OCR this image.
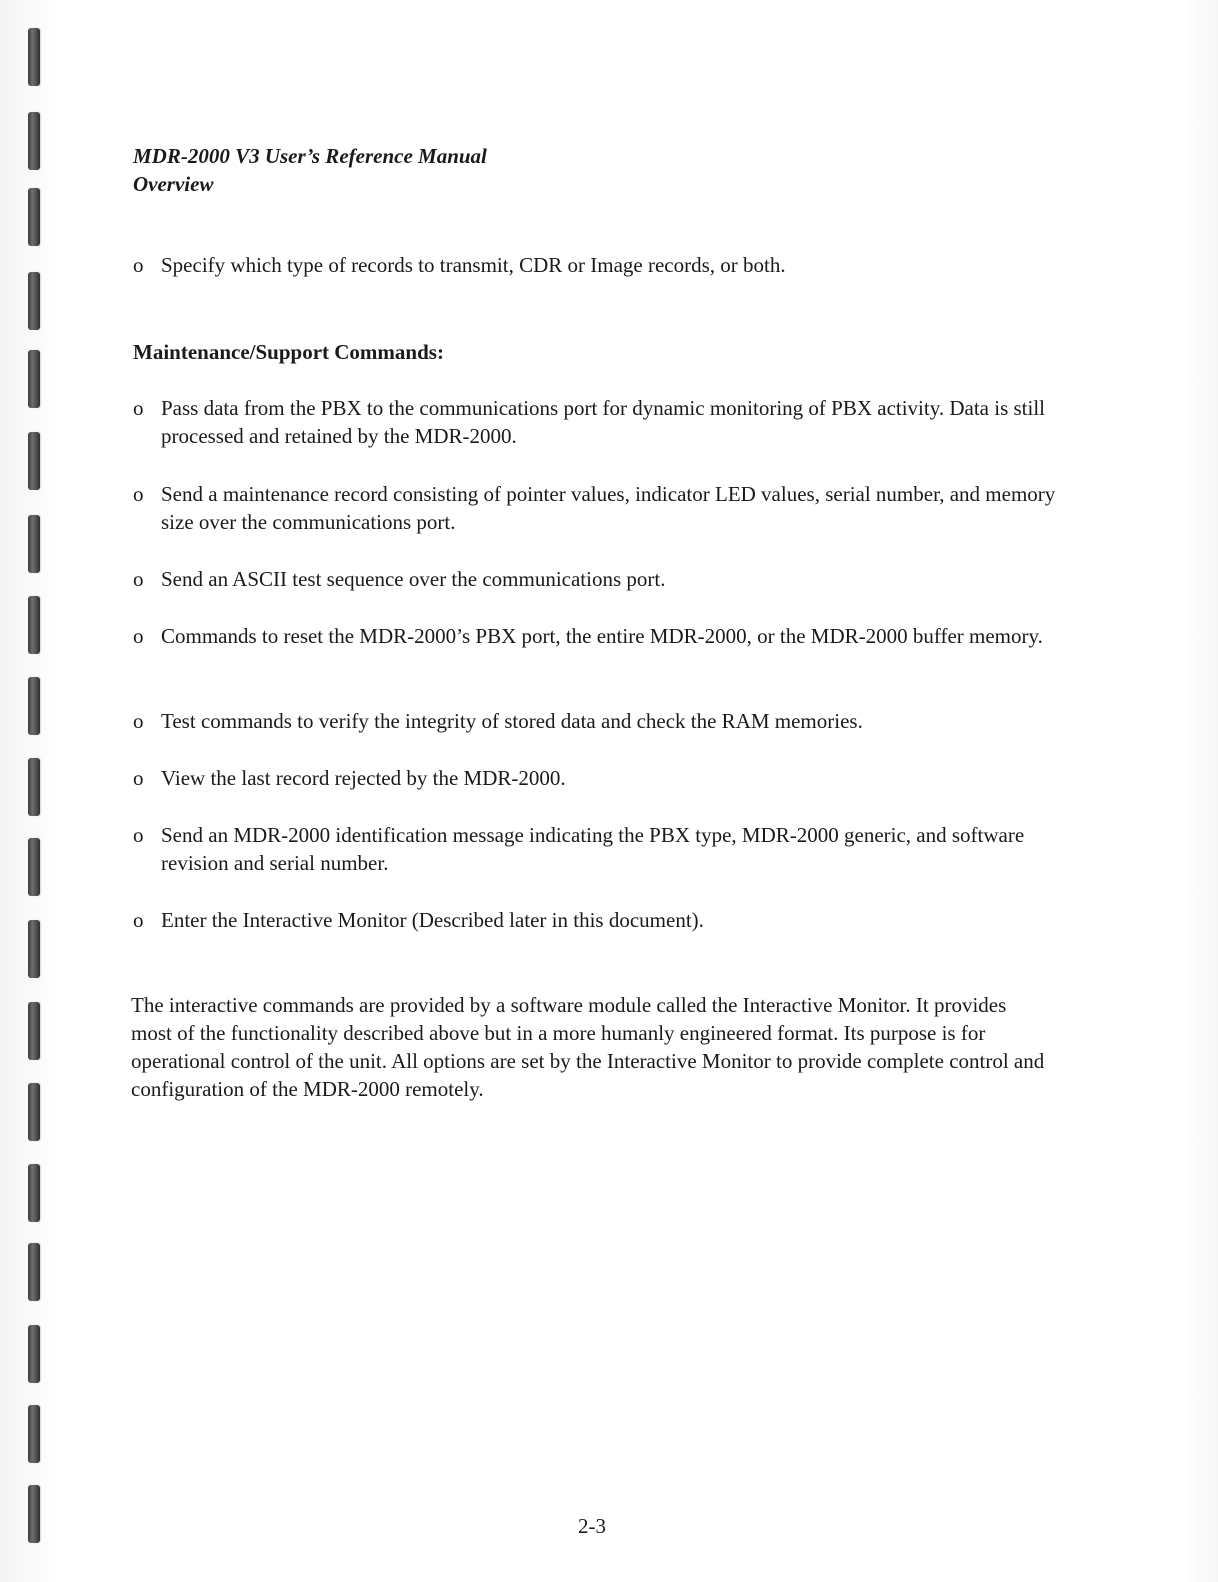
MDR-2000 V3 User’s Reference Manual
Overview
o Specify which type of records to transmit, CDR or Image records, or both.
Maintenance/Support Commands:
o Pass data from the PBX to the communications port for dynamic monitoring of PBX activity. Data is still processed and retained by the MDR-2000.
o Send a maintenance record consisting of pointer values, indicator LED values, serial number, and memory size over the communications port.
o Send an ASCII test sequence over the communications port.
o Commands to reset the MDR-2000’s PBX port, the entire MDR-2000, or the MDR-2000 buffer memory.
o Test commands to verify the integrity of stored data and check the RAM memories.
o View the last record rejected by the MDR-2000.
o Send an MDR-2000 identification message indicating the PBX type, MDR-2000 generic, and software revision and serial number.
o Enter the Interactive Monitor (Described later in this document).
The interactive commands are provided by a software module called the Interactive Monitor. It provides most of the functionality described above but in a more humanly engineered format. Its purpose is for operational control of the unit. All options are set by the Interactive Monitor to provide complete control and configuration of the MDR-2000 remotely.
2-3
